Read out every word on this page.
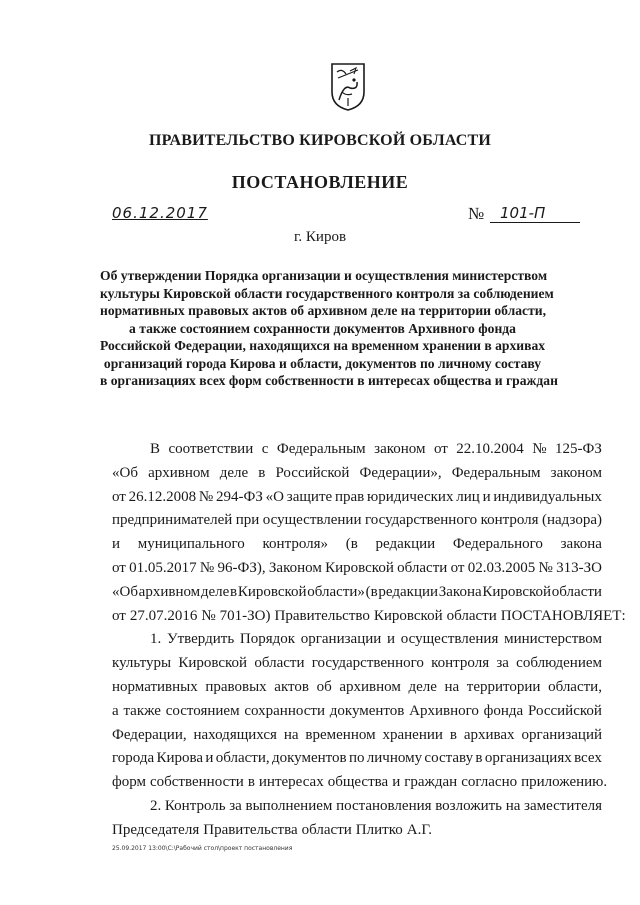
ПРАВИТЕЛЬСТВО КИРОВСКОЙ ОБЛАСТИ
ПОСТАНОВЛЕНИЕ
06.12.2017	№	101-П
г. Киров
Об утверждении Порядка организации и осуществления министерством
культуры Кировской области государственного контроля за соблюдением
нормативных правовых актов об архивном деле на территории области,
а также состоянием сохранности документов Архивного фонда
Российской Федерации, находящихся на временном хранении в архивах
организаций города Кирова и области, документов по личному составу
в организациях всех форм собственности в интересах общества и граждан
В соответствии с Федеральным законом от 22.10.2004 № 125-ФЗ
«Об архивном деле в Российской Федерации», Федеральным законом
от 26.12.2008 № 294-ФЗ «О защите прав юридических лиц и индивидуальных
предпринимателей при осуществлении государственного контроля (надзора)
и муниципального контроля» (в редакции Федерального закона
от 01.05.2017 № 96-ФЗ), Законом Кировской области от 02.03.2005 № 313-ЗО
«Об архивном деле в Кировской области» (в редакции Закона Кировской области
от 27.07.2016 № 701-ЗО) Правительство Кировской области ПОСТАНОВЛЯЕТ:
1. Утвердить Порядок организации и осуществления министерством
культуры Кировской области государственного контроля за соблюдением
нормативных правовых актов об архивном деле на территории области,
а также состоянием сохранности документов Архивного фонда Российской
Федерации, находящихся на временном хранении в архивах организаций
города Кирова и области, документов по личному составу в организациях всех
форм собственности в интересах общества и граждан согласно приложению.
2. Контроль за выполнением постановления возложить на заместителя
Председателя Правительства области Плитко А.Г.
25.09.2017 13:00\C:\Рабочий стол\проект постановления
